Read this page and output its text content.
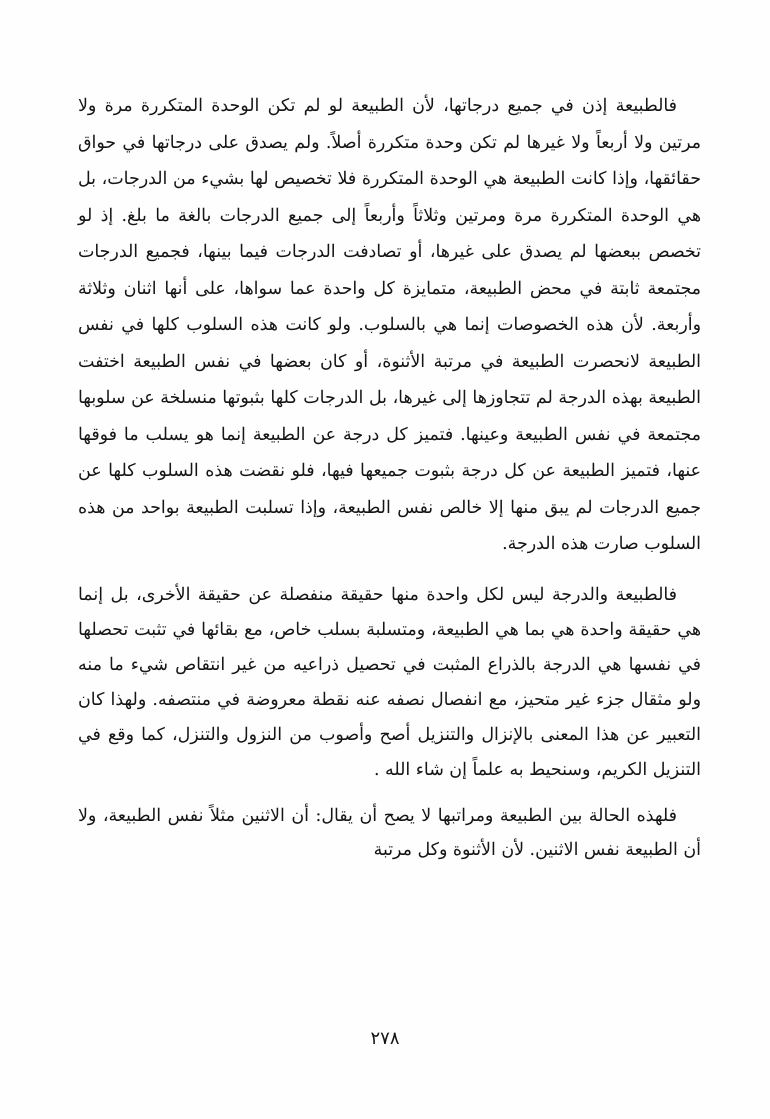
فالطبيعة إذن في جميع درجاتها، لأن الطبيعة لو لم تكن الوحدة المتكررة مرة ولا مرتين ولا أربعاً ولا غيرها لم تكن وحدة متكررة أصلاً. ولم يصدق على درجاتها في حواق حقائقها، وإذا كانت الطبيعة هي الوحدة المتكررة فلا تخصيص لها بشيء من الدرجات، بل هي الوحدة المتكررة مرة ومرتين وثلاثاً وأربعاً إلى جميع الدرجات بالغة ما بلغ. إذ لو تخصص ببعضها لم يصدق على غيرها، أو تصادفت الدرجات فيما بينها، فجميع الدرجات مجتمعة ثابتة في محض الطبيعة، متمايزة كل واحدة عما سواها، على أنها اثنان وثلاثة وأربعة. لأن هذه الخصوصات إنما هي بالسلوب. ولو كانت هذه السلوب كلها في نفس الطبيعة لانحصرت الطبيعة في مرتبة الأثنوة، أو كان بعضها في نفس الطبيعة اختفت الطبيعة بهذه الدرجة لم تتجاوزها إلى غيرها، بل الدرجات كلها بثبوتها منسلخة عن سلوبها مجتمعة في نفس الطبيعة وعينها. فتميز كل درجة عن الطبيعة إنما هو يسلب ما فوقها عنها، فتميز الطبيعة عن كل درجة بثبوت جميعها فيها، فلو نقضت هذه السلوب كلها عن جميع الدرجات لم يبق منها إلا خالص نفس الطبيعة، وإذا تسلبت الطبيعة بواحد من هذه السلوب صارت هذه الدرجة.

فالطبيعة والدرجة ليس لكل واحدة منها حقيقة منفصلة عن حقيقة الأخرى، بل إنما هي حقيقة واحدة هي بما هي الطبيعة، ومتسلبة بسلب خاص، مع بقائها في تثبت تحصلها في نفسها هي الدرجة بالذراع المثبت في تحصيل ذراعيه من غير انتقاص شيء ما منه ولو مثقال جزء غير متحيز، مع انفصال نصفه عنه نقطة معروضة في منتصفه. ولهذا كان التعبير عن هذا المعنى بالإنزال والتنزيل أصح وأصوب من النزول والتنزل، كما وقع في التنزيل الكريم، وسنحيط به علماً إن شاء الله .

فلهذه الحالة بين الطبيعة ومراتبها لا يصح أن يقال: أن الاثنين مثلاً نفس الطبيعة، ولا أن الطبيعة نفس الاثنين. لأن الأثنوة وكل مرتبة

٢٧٨
